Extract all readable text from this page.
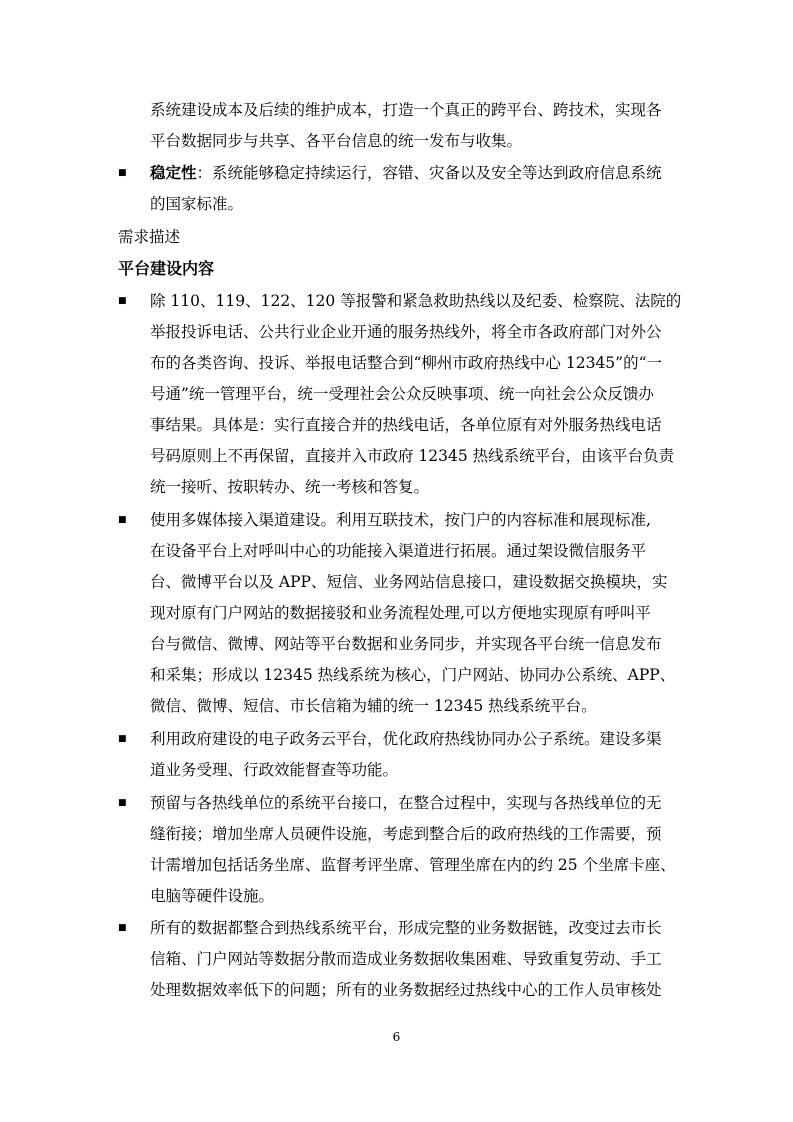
系统建设成本及后续的维护成本，打造一个真正的跨平台、跨技术，实现各
平台数据同步与共享、各平台信息的统一发布与收集。
■ 稳定性：系统能够稳定持续运行，容错、灾备以及安全等达到政府信息系统
的国家标准。
需求描述
平台建设内容
■ 除 110、119、122、120 等报警和紧急救助热线以及纪委、检察院、法院的
举报投诉电话、公共行业企业开通的服务热线外，将全市各政府部门对外公
布的各类咨询、投诉、举报电话整合到“柳州市政府热线中心 12345”的“一
号通”统一管理平台，统一受理社会公众反映事项、统一向社会公众反馈办
事结果。具体是：实行直接合并的热线电话，各单位原有对外服务热线电话
号码原则上不再保留，直接并入市政府 12345 热线系统平台，由该平台负责
统一接听、按职转办、统一考核和答复。
■ 使用多媒体接入渠道建设。利用互联技术，按门户的内容标准和展现标准,
在设备平台上对呼叫中心的功能接入渠道进行拓展。通过架设微信服务平
台、微博平台以及 APP、短信、业务网站信息接口，建设数据交换模块，实
现对原有门户网站的数据接驳和业务流程处理,可以方便地实现原有呼叫平
台与微信、微博、网站等平台数据和业务同步，并实现各平台统一信息发布
和采集；形成以 12345 热线系统为核心，门户网站、协同办公系统、APP、
微信、微博、短信、市长信箱为辅的统一 12345 热线系统平台。
■ 利用政府建设的电子政务云平台，优化政府热线协同办公子系统。建设多渠
道业务受理、行政效能督查等功能。
■ 预留与各热线单位的系统平台接口，在整合过程中，实现与各热线单位的无
缝衔接；增加坐席人员硬件设施，考虑到整合后的政府热线的工作需要，预
计需增加包括话务坐席、监督考评坐席、管理坐席在内的约 25 个坐席卡座、
电脑等硬件设施。
■ 所有的数据都整合到热线系统平台，形成完整的业务数据链，改变过去市长
信箱、门户网站等数据分散而造成业务数据收集困难、导致重复劳动、手工
处理数据效率低下的问题；所有的业务数据经过热线中心的工作人员审核处
6
